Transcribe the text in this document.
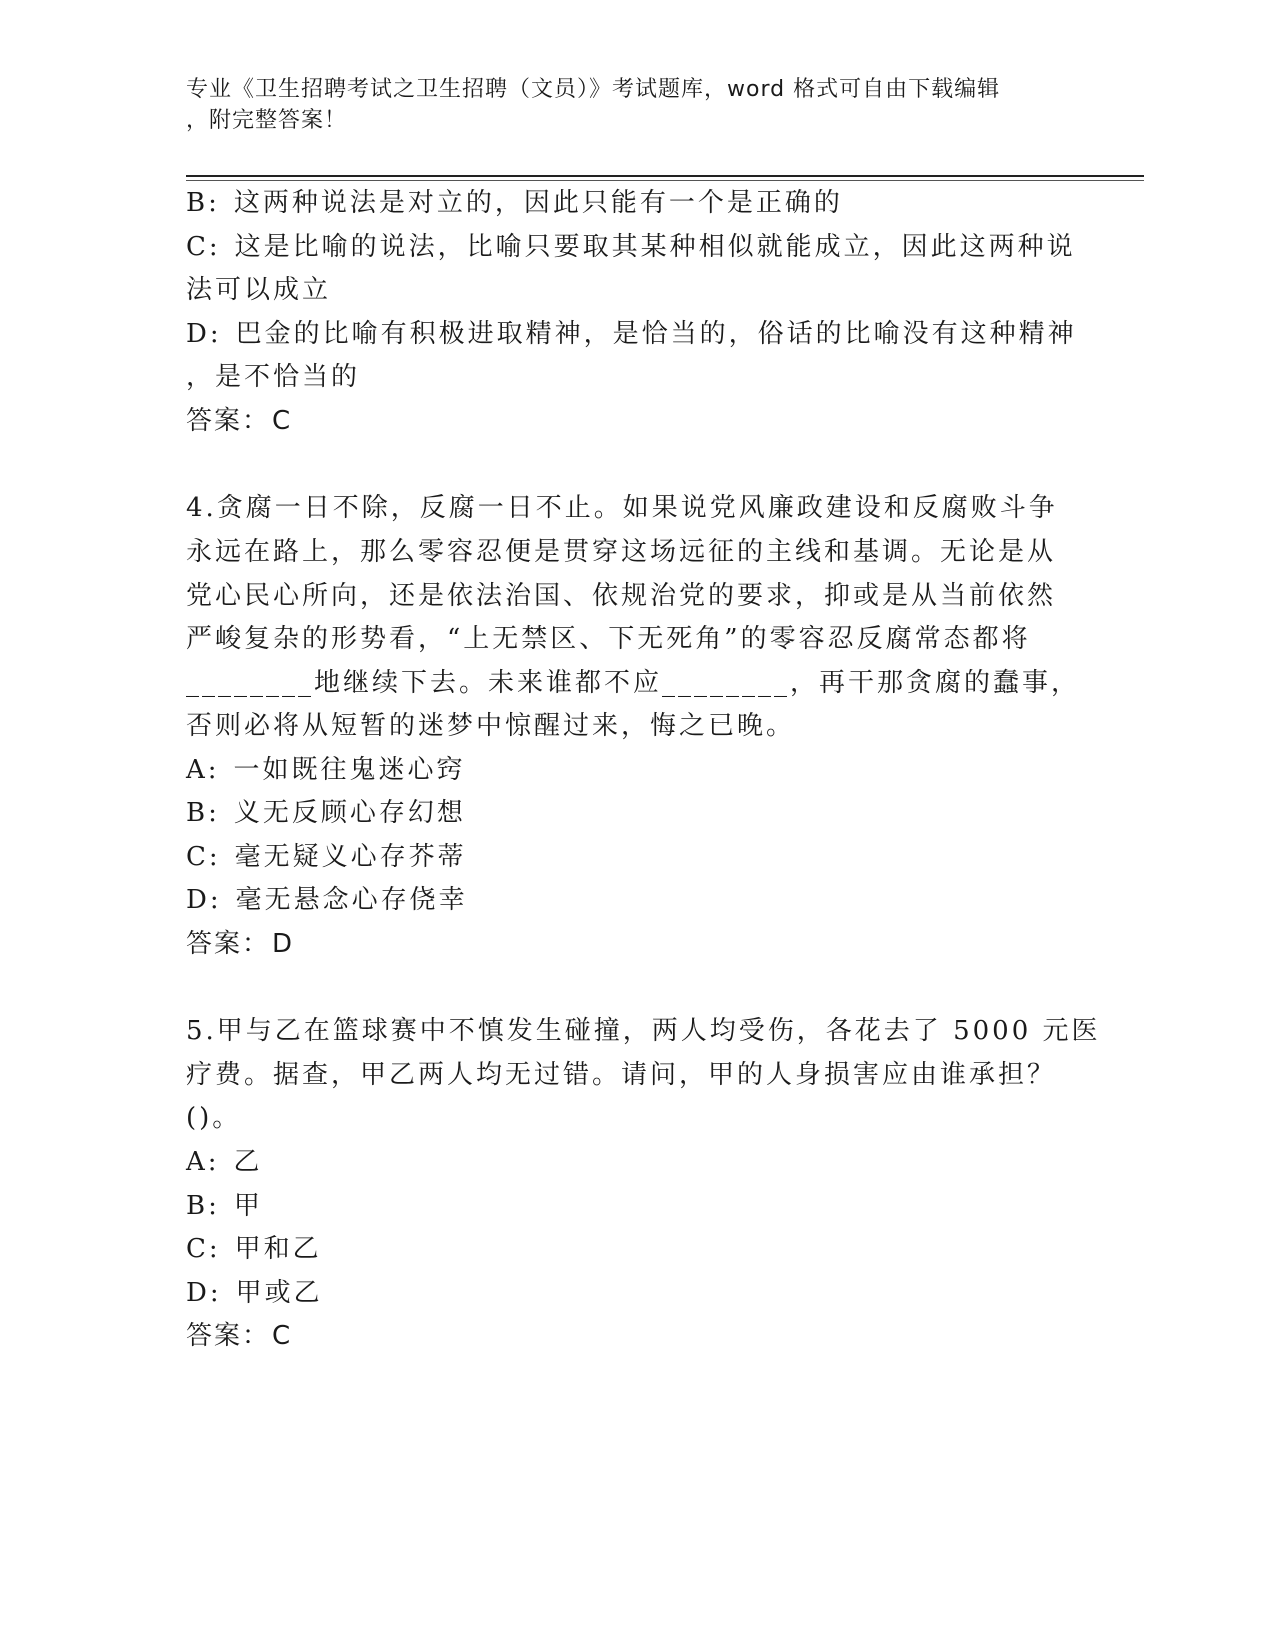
专业《卫生招聘考试之卫生招聘（文员）》考试题库，word 格式可自由下载编辑
，附完整答案！
B: 这两种说法是对立的，因此只能有一个是正确的
C: 这是比喻的说法，比喻只要取其某种相似就能成立，因此这两种说
法可以成立
D: 巴金的比喻有积极进取精神，是恰当的，俗话的比喻没有这种精神
，是不恰当的
答案：C
4.贪腐一日不除，反腐一日不止。如果说党风廉政建设和反腐败斗争
永远在路上，那么零容忍便是贯穿这场远征的主线和基调。无论是从
党心民心所向，还是依法治国、依规治党的要求，抑或是从当前依然
严峻复杂的形势看，“上无禁区、下无死角”的零容忍反腐常态都将
________地继续下去。未来谁都不应________，再干那贪腐的蠢事，
否则必将从短暂的迷梦中惊醒过来，悔之已晚。
A: 一如既往鬼迷心窍
B: 义无反顾心存幻想
C: 毫无疑义心存芥蒂
D: 毫无悬念心存侥幸
答案：D
5.甲与乙在篮球赛中不慎发生碰撞，两人均受伤，各花去了 5000 元医
疗费。据查，甲乙两人均无过错。请问，甲的人身损害应由谁承担？
()。
A: 乙
B: 甲
C: 甲和乙
D: 甲或乙
答案：C
